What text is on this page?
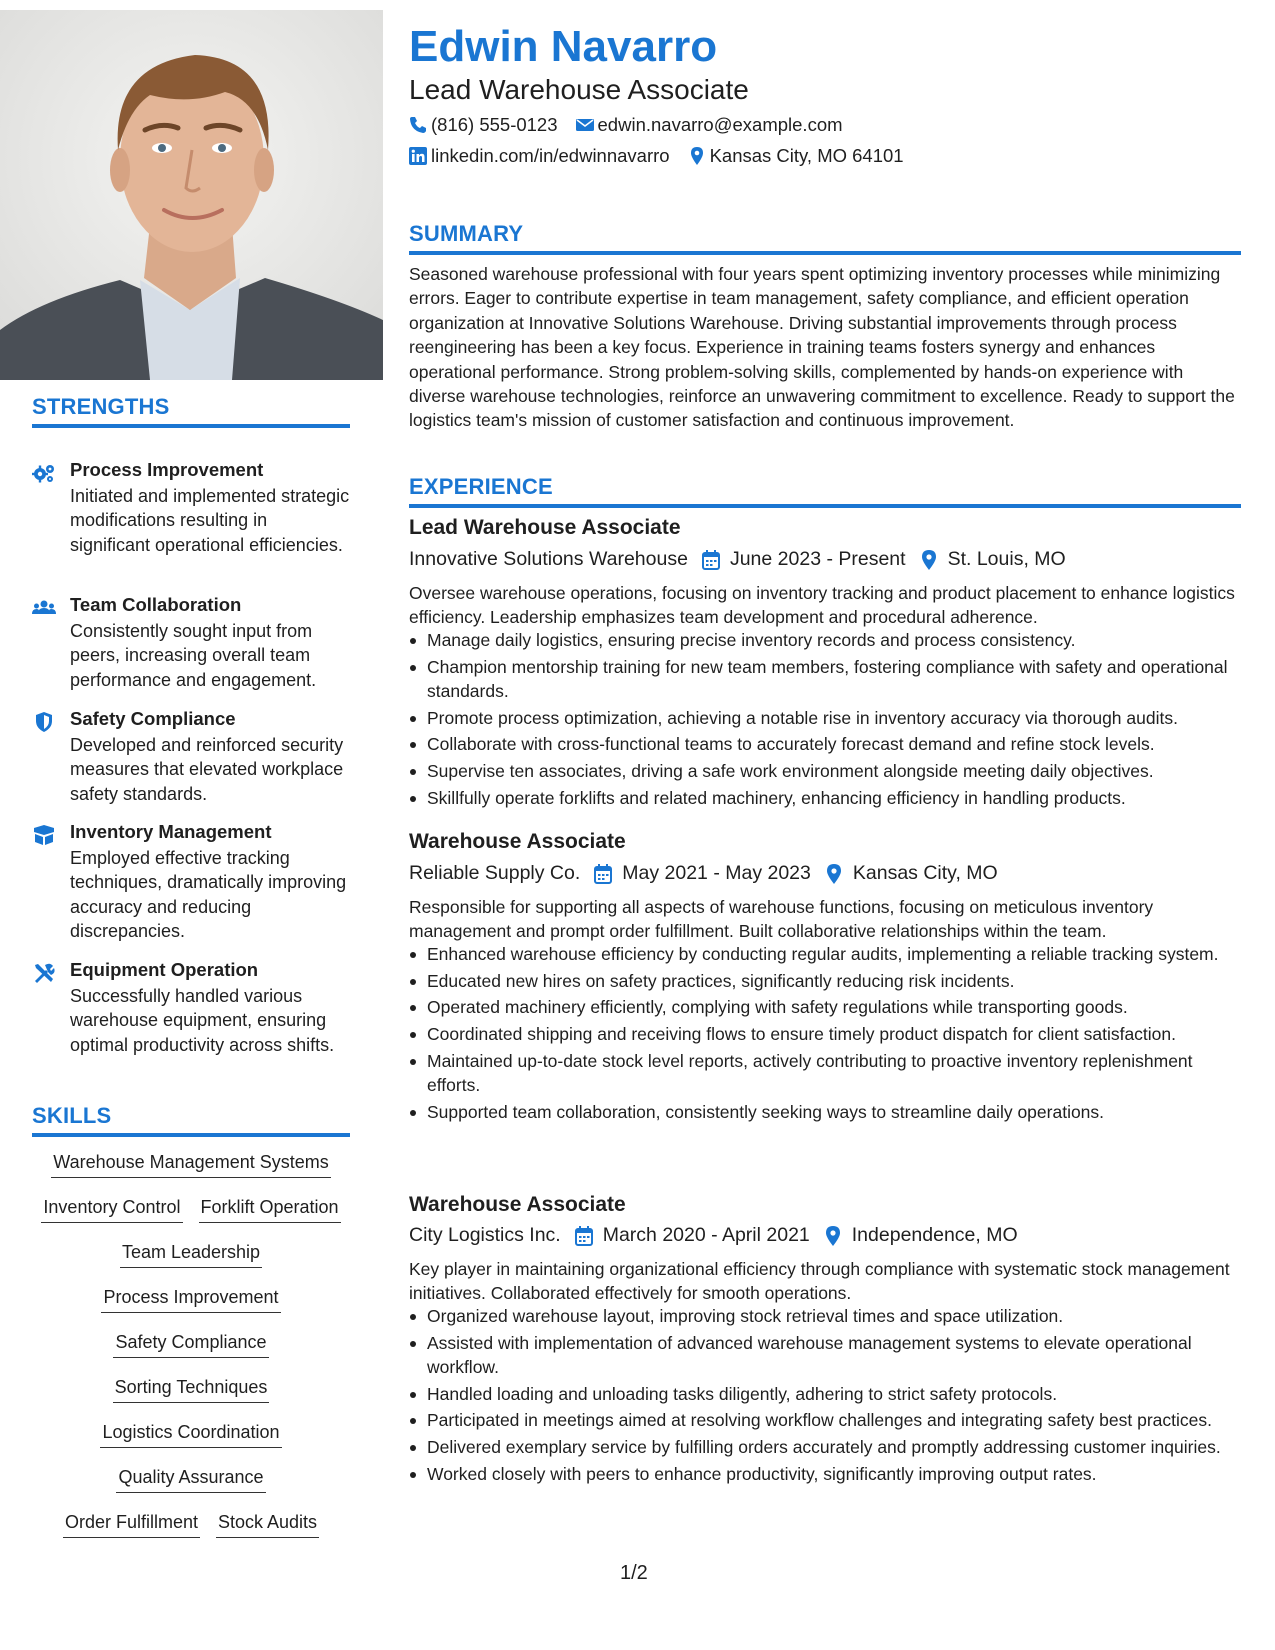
STRENGTHS
Process Improvement
Initiated and implemented strategic modifications resulting in significant operational efficiencies.
Team Collaboration
Consistently sought input from peers, increasing overall team performance and engagement.
Safety Compliance
Developed and reinforced security measures that elevated workplace safety standards.
Inventory Management
Employed effective tracking techniques, dramatically improving accuracy and reducing discrepancies.
Equipment Operation
Successfully handled various warehouse equipment, ensuring optimal productivity across shifts.
SKILLS
Warehouse Management Systems
Inventory Control Forklift Operation
Team Leadership
Process Improvement
Safety Compliance
Sorting Techniques
Logistics Coordination
Quality Assurance
Order Fulfillment Stock Audits
Edwin Navarro
Lead Warehouse Associate
(816) 555-0123 edwin.navarro@example.com
linkedin.com/in/edwinnavarro Kansas City, MO 64101
SUMMARY
Seasoned warehouse professional with four years spent optimizing inventory processes while minimizing errors. Eager to contribute expertise in team management, safety compliance, and efficient operation organization at Innovative Solutions Warehouse. Driving substantial improvements through process reengineering has been a key focus. Experience in training teams fosters synergy and enhances operational performance. Strong problem-solving skills, complemented by hands-on experience with diverse warehouse technologies, reinforce an unwavering commitment to excellence. Ready to support the logistics team's mission of customer satisfaction and continuous improvement.
EXPERIENCE
Lead Warehouse Associate
Innovative Solutions Warehouse June 2023 - Present St. Louis, MO
Oversee warehouse operations, focusing on inventory tracking and product placement to enhance logistics efficiency. Leadership emphasizes team development and procedural adherence.
Manage daily logistics, ensuring precise inventory records and process consistency.
Champion mentorship training for new team members, fostering compliance with safety and operational standards.
Promote process optimization, achieving a notable rise in inventory accuracy via thorough audits.
Collaborate with cross-functional teams to accurately forecast demand and refine stock levels.
Supervise ten associates, driving a safe work environment alongside meeting daily objectives.
Skillfully operate forklifts and related machinery, enhancing efficiency in handling products.
Warehouse Associate
Reliable Supply Co. May 2021 - May 2023 Kansas City, MO
Responsible for supporting all aspects of warehouse functions, focusing on meticulous inventory management and prompt order fulfillment. Built collaborative relationships within the team.
Enhanced warehouse efficiency by conducting regular audits, implementing a reliable tracking system.
Educated new hires on safety practices, significantly reducing risk incidents.
Operated machinery efficiently, complying with safety regulations while transporting goods.
Coordinated shipping and receiving flows to ensure timely product dispatch for client satisfaction.
Maintained up-to-date stock level reports, actively contributing to proactive inventory replenishment efforts.
Supported team collaboration, consistently seeking ways to streamline daily operations.
Warehouse Associate
City Logistics Inc. March 2020 - April 2021 Independence, MO
Key player in maintaining organizational efficiency through compliance with systematic stock management initiatives. Collaborated effectively for smooth operations.
Organized warehouse layout, improving stock retrieval times and space utilization.
Assisted with implementation of advanced warehouse management systems to elevate operational workflow.
Handled loading and unloading tasks diligently, adhering to strict safety protocols.
Participated in meetings aimed at resolving workflow challenges and integrating safety best practices.
Delivered exemplary service by fulfilling orders accurately and promptly addressing customer inquiries.
Worked closely with peers to enhance productivity, significantly improving output rates.
1/2
